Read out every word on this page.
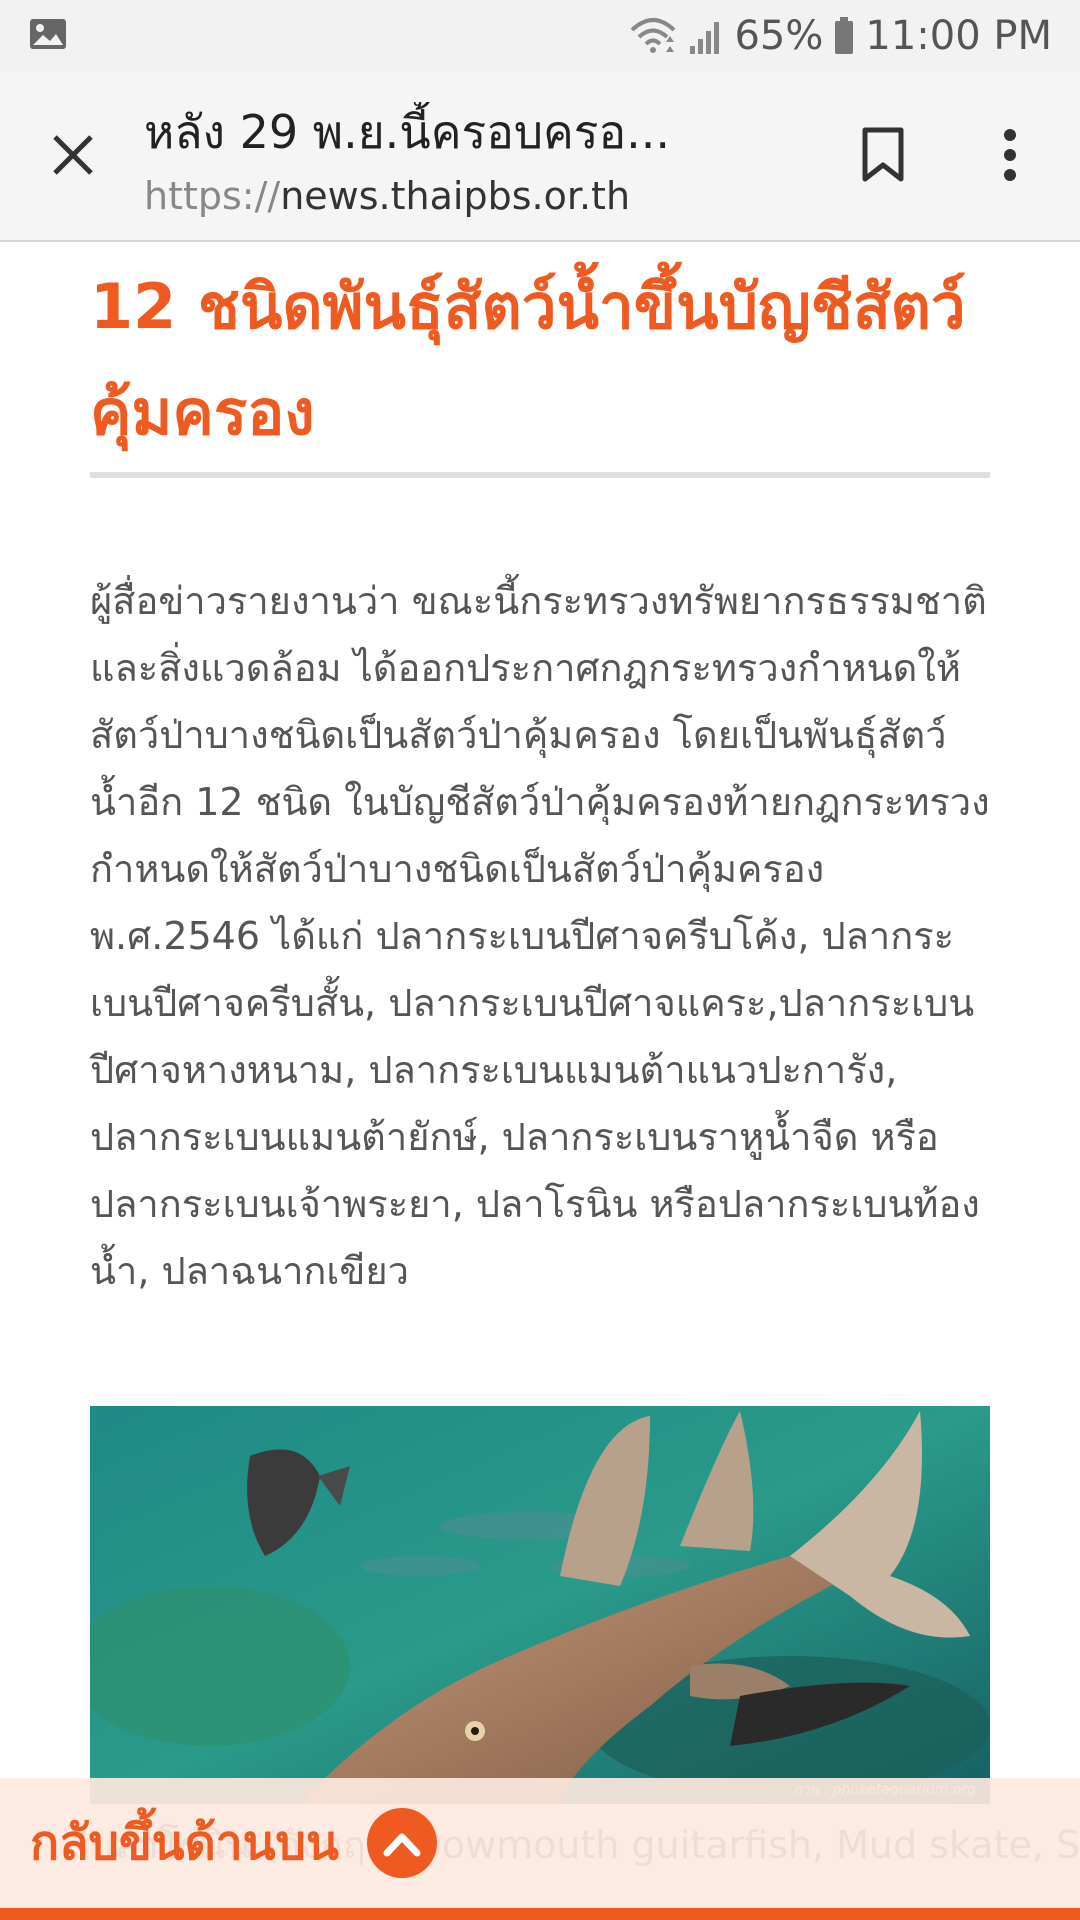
65% 11:00 PM
หลัง 29 พ.ย.นี้ครอบครอ...
https://news.thaipbs.or.th
12 ชนิดพันธุ์สัตว์น้ำขึ้นบัญชีสัตว์คุ้มครอง

ผู้สื่อข่าวรายงานว่า ขณะนี้กระทรวงทรัพยากรธรรมชาติและสิ่งแวดล้อม ได้ออกประกาศกฎกระทรวงกำหนดให้สัตว์ป่าบางชนิดเป็นสัตว์ป่าคุ้มครอง โดยเป็นพันธุ์สัตว์น้ำอีก 12 ชนิด ในบัญชีสัตว์ป่าคุ้มครองท้ายกฎกระทรวงกำหนดให้สัตว์ป่าบางชนิดเป็นสัตว์ป่าคุ้มครองพ.ศ.2546 ได้แก่ ปลากระเบนปีศาจครีบโค้ง, ปลากระเบนปีศาจครีบสั้น, ปลากระเบนปีศาจแคระ,ปลากระเบนปีศาจหางหนาม, ปลากระเบนแมนต้าแนวปะการัง, ปลากระเบนแมนต้ายักษ์, ปลากระเบนราหูน้ำจืด หรือปลากระเบนเจ้าพระยา, ปลาโรนิน หรือปลากระเบนท้องน้ำ, ปลาฉนากเขียว

กลับขึ้นด้านบน
